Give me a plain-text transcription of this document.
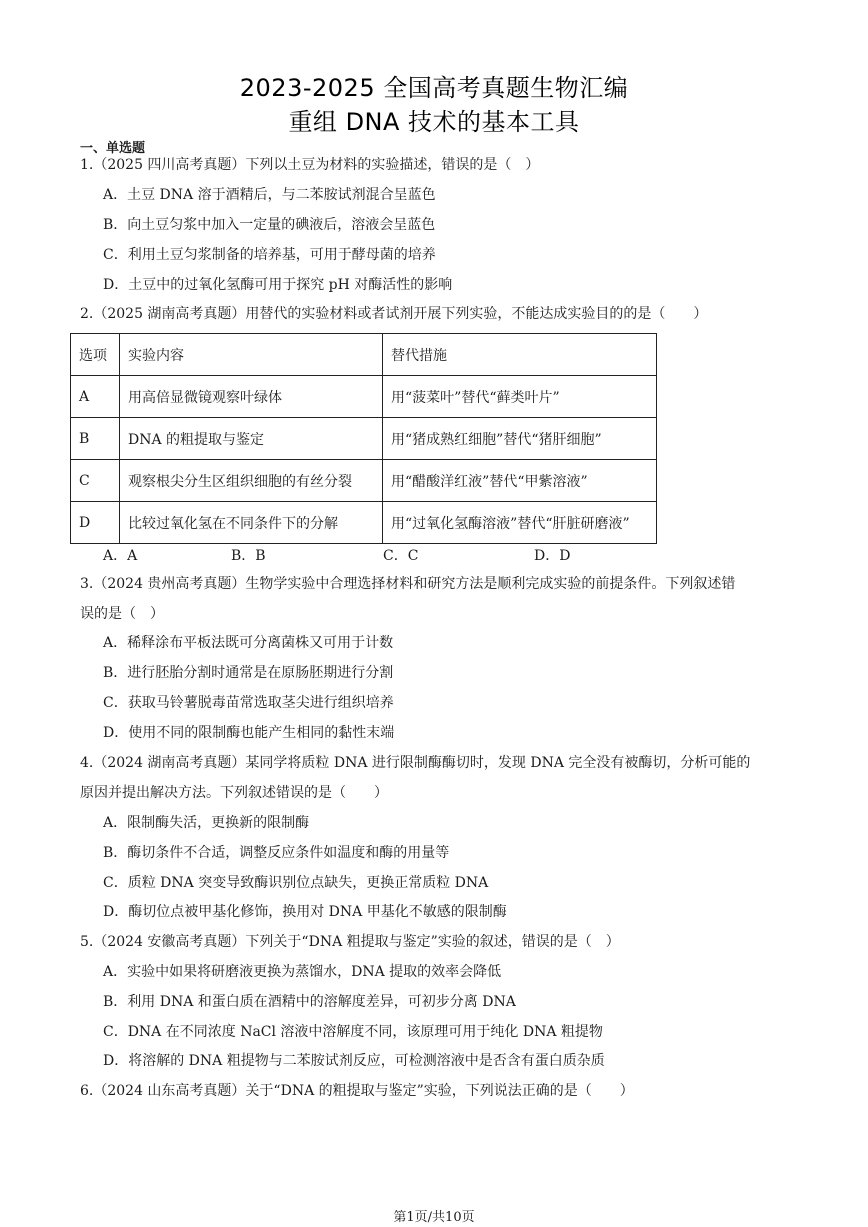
2023-2025 全国高考真题生物汇编
重组 DNA 技术的基本工具
一、单选题
1.（2025 四川高考真题）下列以土豆为材料的实验描述，错误的是（　）
A．土豆 DNA 溶于酒精后，与二苯胺试剂混合呈蓝色
B．向土豆匀浆中加入一定量的碘液后，溶液会呈蓝色
C．利用土豆匀浆制备的培养基，可用于酵母菌的培养
D．土豆中的过氧化氢酶可用于探究 pH 对酶活性的影响
2.（2025 湖南高考真题）用替代的实验材料或者试剂开展下列实验，不能达成实验目的的是（　　）
选项	实验内容	替代措施
A	用高倍显微镜观察叶绿体	用“菠菜叶”替代“藓类叶片”
B	DNA 的粗提取与鉴定	用“猪成熟红细胞”替代“猪肝细胞”
C	观察根尖分生区组织细胞的有丝分裂	用“醋酸洋红液”替代“甲紫溶液”
D	比较过氧化氢在不同条件下的分解	用“过氧化氢酶溶液”替代“肝脏研磨液”
A．A	B．B	C．C	D．D
3.（2024 贵州高考真题）生物学实验中合理选择材料和研究方法是顺利完成实验的前提条件。下列叙述错
误的是（　）
A．稀释涂布平板法既可分离菌株又可用于计数
B．进行胚胎分割时通常是在原肠胚期进行分割
C．获取马铃薯脱毒苗常选取茎尖进行组织培养
D．使用不同的限制酶也能产生相同的黏性末端
4.（2024 湖南高考真题）某同学将质粒 DNA 进行限制酶酶切时，发现 DNA 完全没有被酶切，分析可能的
原因并提出解决方法。下列叙述错误的是（　　）
A．限制酶失活，更换新的限制酶
B．酶切条件不合适，调整反应条件如温度和酶的用量等
C．质粒 DNA 突变导致酶识别位点缺失，更换正常质粒 DNA
D．酶切位点被甲基化修饰，换用对 DNA 甲基化不敏感的限制酶
5.（2024 安徽高考真题）下列关于“DNA 粗提取与鉴定”实验的叙述，错误的是（　）
A．实验中如果将研磨液更换为蒸馏水，DNA 提取的效率会降低
B．利用 DNA 和蛋白质在酒精中的溶解度差异，可初步分离 DNA
C．DNA 在不同浓度 NaCl 溶液中溶解度不同，该原理可用于纯化 DNA 粗提物
D．将溶解的 DNA 粗提物与二苯胺试剂反应，可检测溶液中是否含有蛋白质杂质
6.（2024 山东高考真题）关于“DNA 的粗提取与鉴定”实验，下列说法正确的是（　　）
第1页/共10页
